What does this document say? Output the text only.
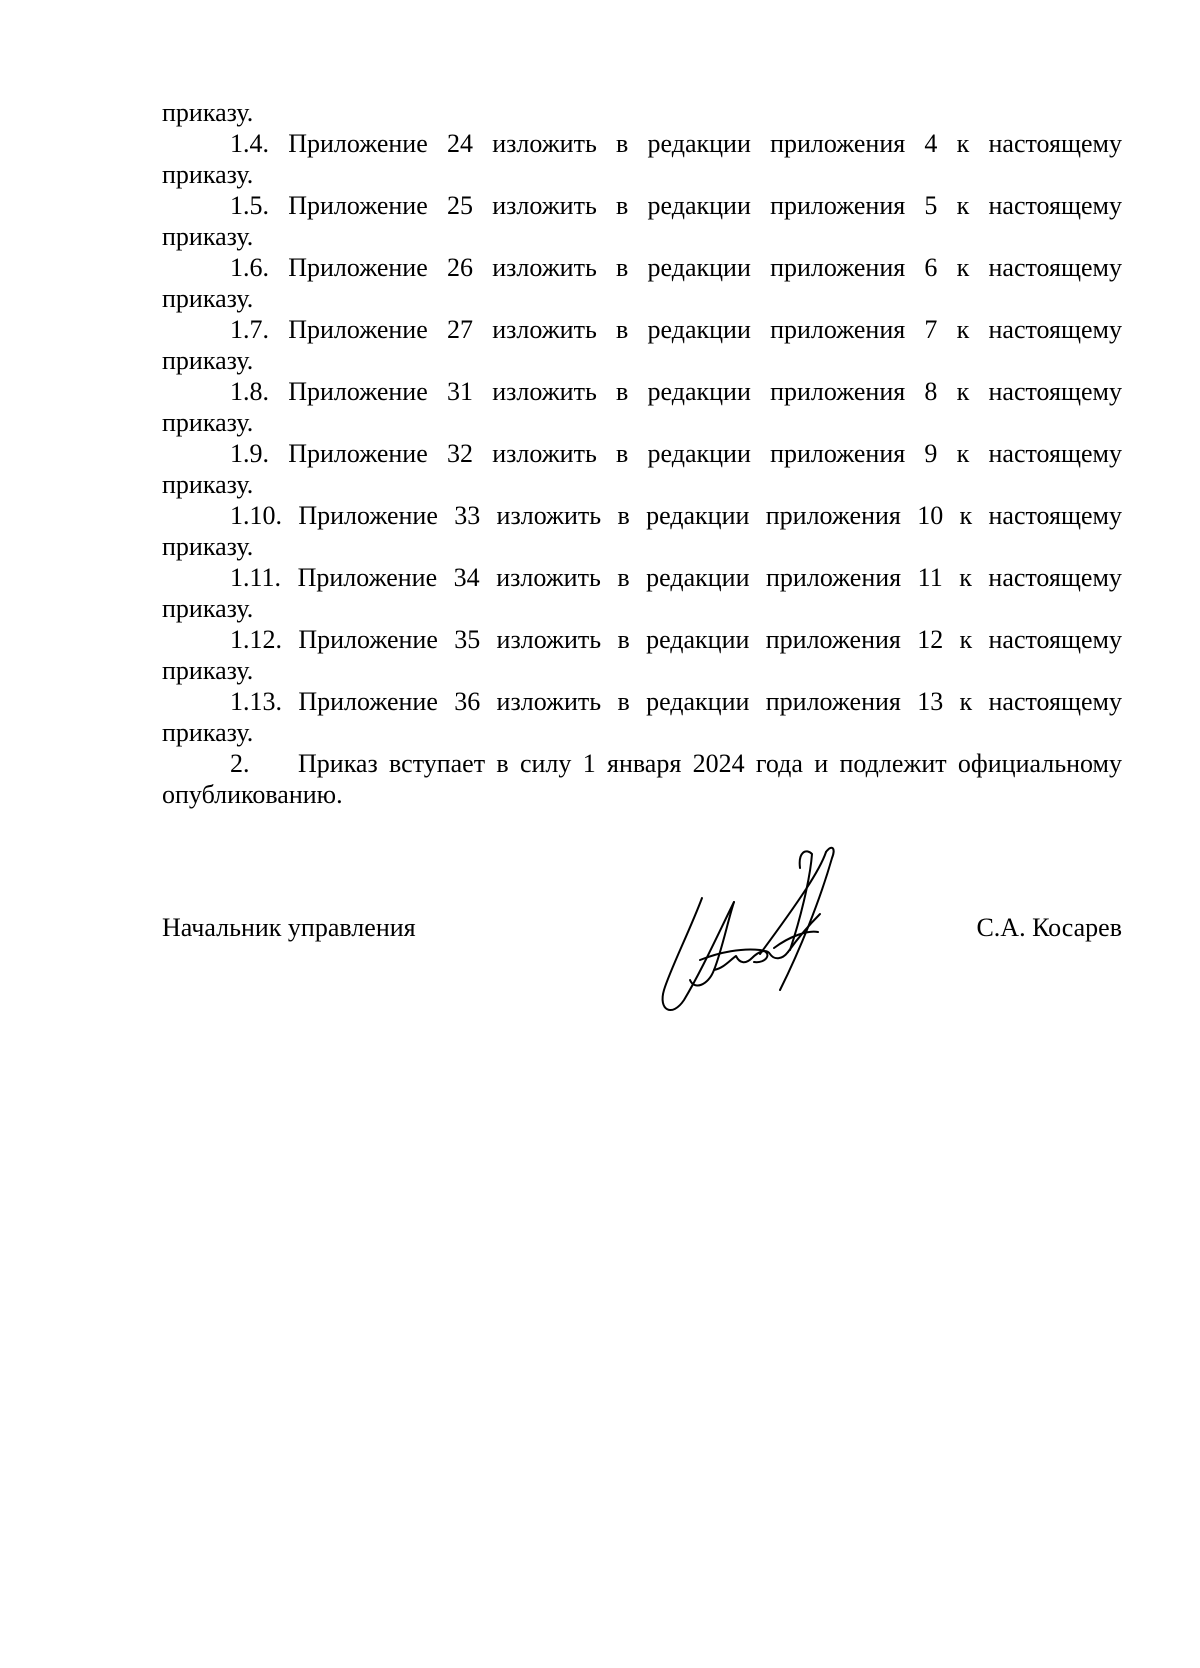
приказу.
1.4. Приложение 24 изложить в редакции приложения 4 к настоящему
приказу.
1.5. Приложение 25 изложить в редакции приложения 5 к настоящему
приказу.
1.6. Приложение 26 изложить в редакции приложения 6 к настоящему
приказу.
1.7. Приложение 27 изложить в редакции приложения 7 к настоящему
приказу.
1.8. Приложение 31 изложить в редакции приложения 8 к настоящему
приказу.
1.9. Приложение 32 изложить в редакции приложения 9 к настоящему
приказу.
1.10. Приложение 33 изложить в редакции приложения 10 к настоящему
приказу.
1.11. Приложение 34 изложить в редакции приложения 11 к настоящему
приказу.
1.12. Приложение 35 изложить в редакции приложения 12 к настоящему
приказу.
1.13. Приложение 36 изложить в редакции приложения 13 к настоящему
приказу.
2.	Приказ вступает в силу 1 января 2024 года и подлежит официальному
опубликованию.
Начальник управления	С.А. Косарев
